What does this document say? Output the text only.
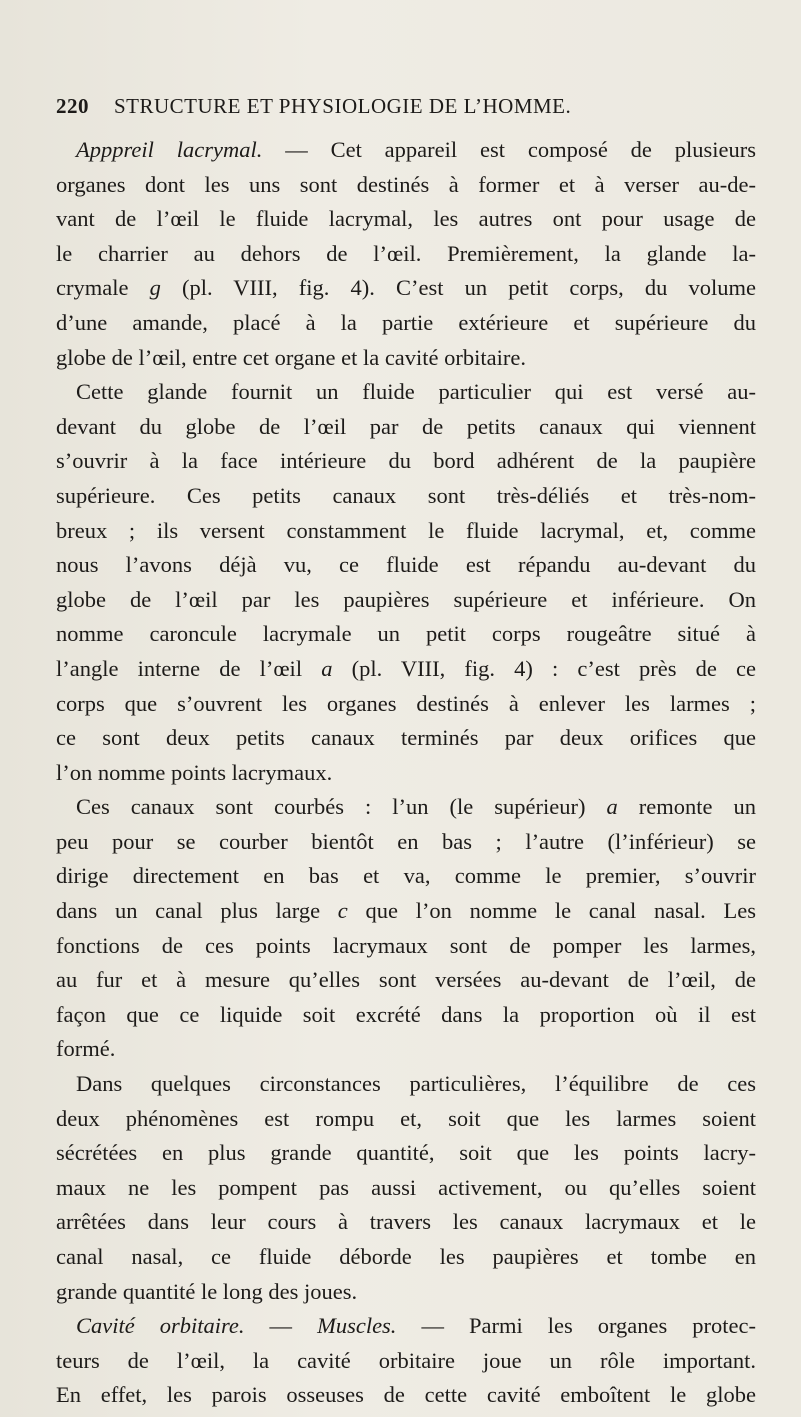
220 STRUCTURE ET PHYSIOLOGIE DE L’HOMME.
Apppreil lacrymal. — Cet appareil est composé de plusieurs
organes dont les uns sont destinés à former et à verser au-de-
vant de l’œil le fluide lacrymal, les autres ont pour usage de
le charrier au dehors de l’œil. Premièrement, la glande la-
crymale g (pl. VIII, fig. 4). C’est un petit corps, du volume
d’une amande, placé à la partie extérieure et supérieure du
globe de l’œil, entre cet organe et la cavité orbitaire.
Cette glande fournit un fluide particulier qui est versé au-
devant du globe de l’œil par de petits canaux qui viennent
s’ouvrir à la face intérieure du bord adhérent de la paupière
supérieure. Ces petits canaux sont très-déliés et très-nom-
breux ; ils versent constamment le fluide lacrymal, et, comme
nous l’avons déjà vu, ce fluide est répandu au-devant du
globe de l’œil par les paupières supérieure et inférieure. On
nomme caroncule lacrymale un petit corps rougeâtre situé à
l’angle interne de l’œil a (pl. VIII, fig. 4) : c’est près de ce
corps que s’ouvrent les organes destinés à enlever les larmes ;
ce sont deux petits canaux terminés par deux orifices que
l’on nomme points lacrymaux.
Ces canaux sont courbés : l’un (le supérieur) a remonte un
peu pour se courber bientôt en bas ; l’autre (l’inférieur) se
dirige directement en bas et va, comme le premier, s’ouvrir
dans un canal plus large c que l’on nomme le canal nasal. Les
fonctions de ces points lacrymaux sont de pomper les larmes,
au fur et à mesure qu’elles sont versées au-devant de l’œil, de
façon que ce liquide soit excrété dans la proportion où il est
formé.
Dans quelques circonstances particulières, l’équilibre de ces
deux phénomènes est rompu et, soit que les larmes soient
sécrétées en plus grande quantité, soit que les points lacry-
maux ne les pompent pas aussi activement, ou qu’elles soient
arrêtées dans leur cours à travers les canaux lacrymaux et le
canal nasal, ce fluide déborde les paupières et tombe en
grande quantité le long des joues.
Cavité orbitaire. — Muscles. — Parmi les organes protec-
teurs de l’œil, la cavité orbitaire joue un rôle important.
En effet, les parois osseuses de cette cavité emboîtent le globe
